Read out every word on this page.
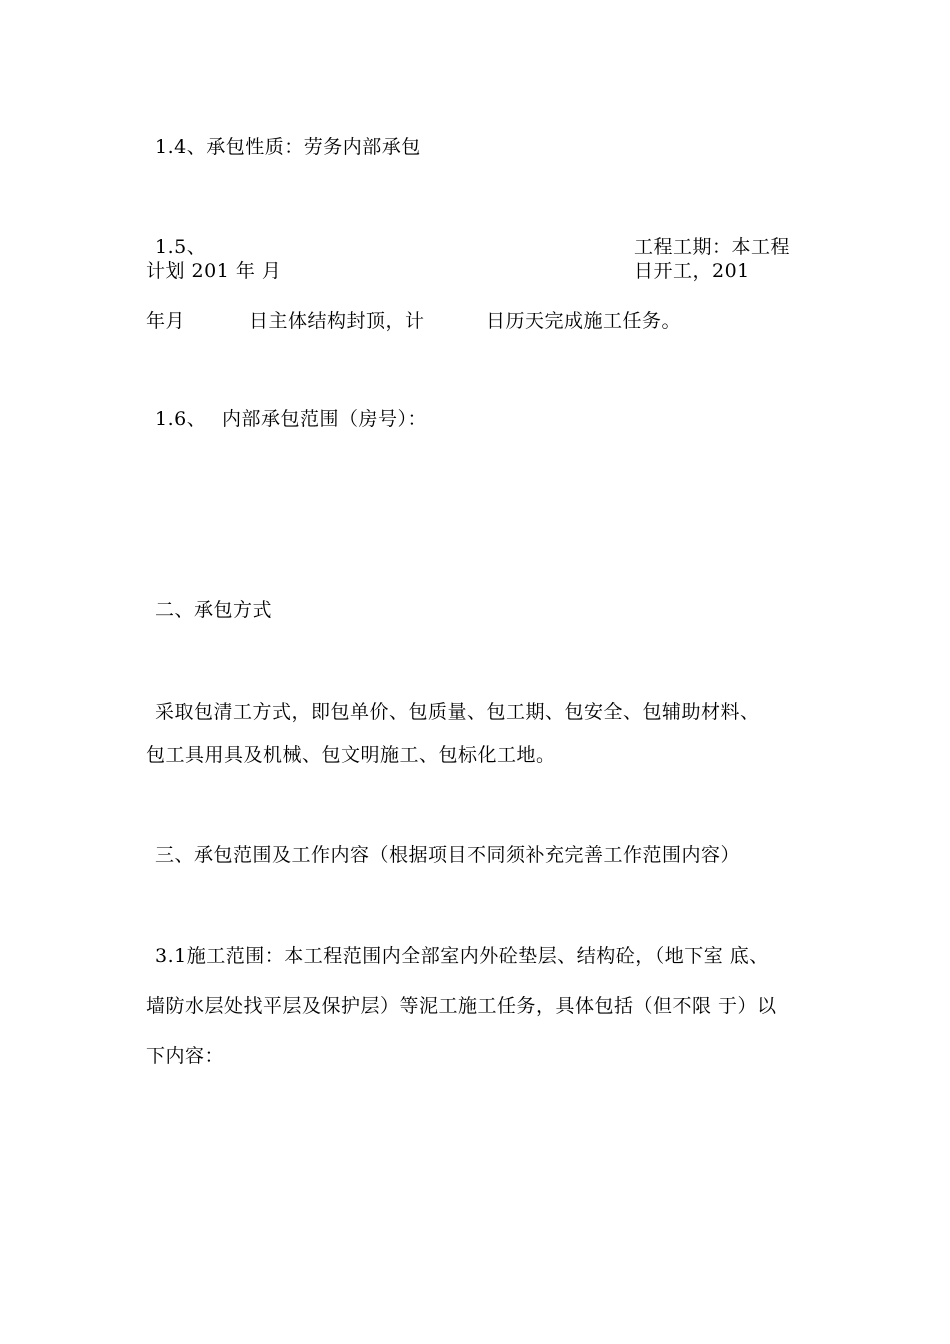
1.4、承包性质：劳务内部承包
1.5、	工程工期：本工程
计划 201 年 月	日开工，201
年月	日主体结构封顶，计	日历天完成施工任务。
1.6、 内部承包范围（房号）：
二、承包方式
采取包清工方式，即包单价、包质量、包工期、包安全、包辅助材料、
包工具用具及机械、包文明施工、包标化工地。
三、承包范围及工作内容（根据项目不同须补充完善工作范围内容）
3.1施工范围：本工程范围内全部室内外砼垫层、结构砼，（地下室 底、
墙防水层处找平层及保护层）等泥工施工任务，具体包括（但不限 于）以
下内容：
